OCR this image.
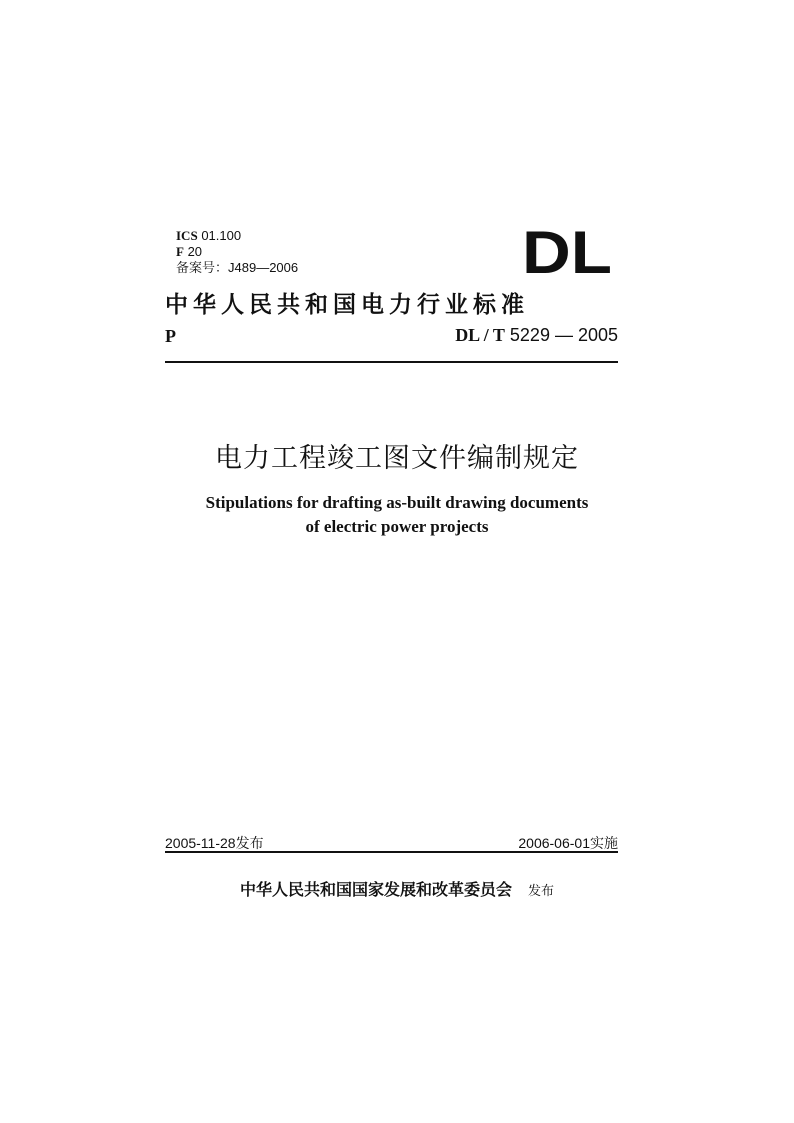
ICS 01.100
F 20
备案号：J489—2006	DL
中华人民共和国电力行业标准
P	DL / T 5229 — 2005
电力工程竣工图文件编制规定
Stipulations for drafting as-built drawing documents
of electric power projects
2005-11-28发布	2006-06-01实施
中华人民共和国国家发展和改革委员会 发布
